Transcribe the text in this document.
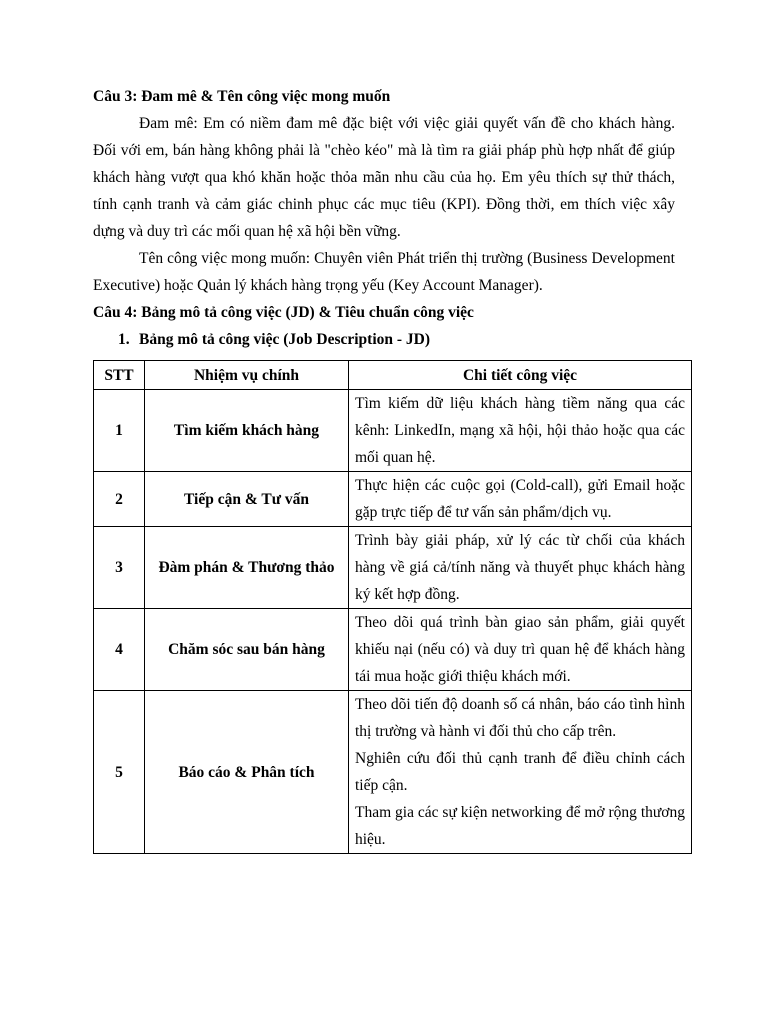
Câu 3: Đam mê & Tên công việc mong muốn

Đam mê: Em có niềm đam mê đặc biệt với việc giải quyết vấn đề cho khách hàng. Đối với em, bán hàng không phải là "chèo kéo" mà là tìm ra giải pháp phù hợp nhất để giúp khách hàng vượt qua khó khăn hoặc thỏa mãn nhu cầu của họ. Em yêu thích sự thử thách, tính cạnh tranh và cảm giác chinh phục các mục tiêu (KPI). Đồng thời, em thích việc xây dựng và duy trì các mối quan hệ xã hội bền vững.

Tên công việc mong muốn: Chuyên viên Phát triển thị trường (Business Development Executive) hoặc Quản lý khách hàng trọng yếu (Key Account Manager).

Câu 4: Bảng mô tả công việc (JD) & Tiêu chuẩn công việc

1. Bảng mô tả công việc (Job Description - JD)

STT	Nhiệm vụ chính	Chi tiết công việc
1	Tìm kiếm khách hàng	Tìm kiếm dữ liệu khách hàng tiềm năng qua các kênh: LinkedIn, mạng xã hội, hội thảo hoặc qua các mối quan hệ.

2	Tiếp cận & Tư vấn	Thực hiện các cuộc gọi (Cold-call), gửi Email hoặc gặp trực tiếp để tư vấn sản phẩm/dịch vụ.

3	Đàm phán & Thương thảo	Trình bày giải pháp, xử lý các từ chối của khách hàng về giá cả/tính năng và thuyết phục khách hàng ký kết hợp đồng.

4	Chăm sóc sau bán hàng	Theo dõi quá trình bàn giao sản phẩm, giải quyết khiếu nại (nếu có) và duy trì quan hệ để khách hàng tái mua hoặc giới thiệu khách mới.

5	Báo cáo & Phân tích	Theo dõi tiến độ doanh số cá nhân, báo cáo tình hình thị trường và hành vi đối thủ cho cấp trên.
Nghiên cứu đối thủ cạnh tranh để điều chỉnh cách tiếp cận.
Tham gia các sự kiện networking để mở rộng thương hiệu.
